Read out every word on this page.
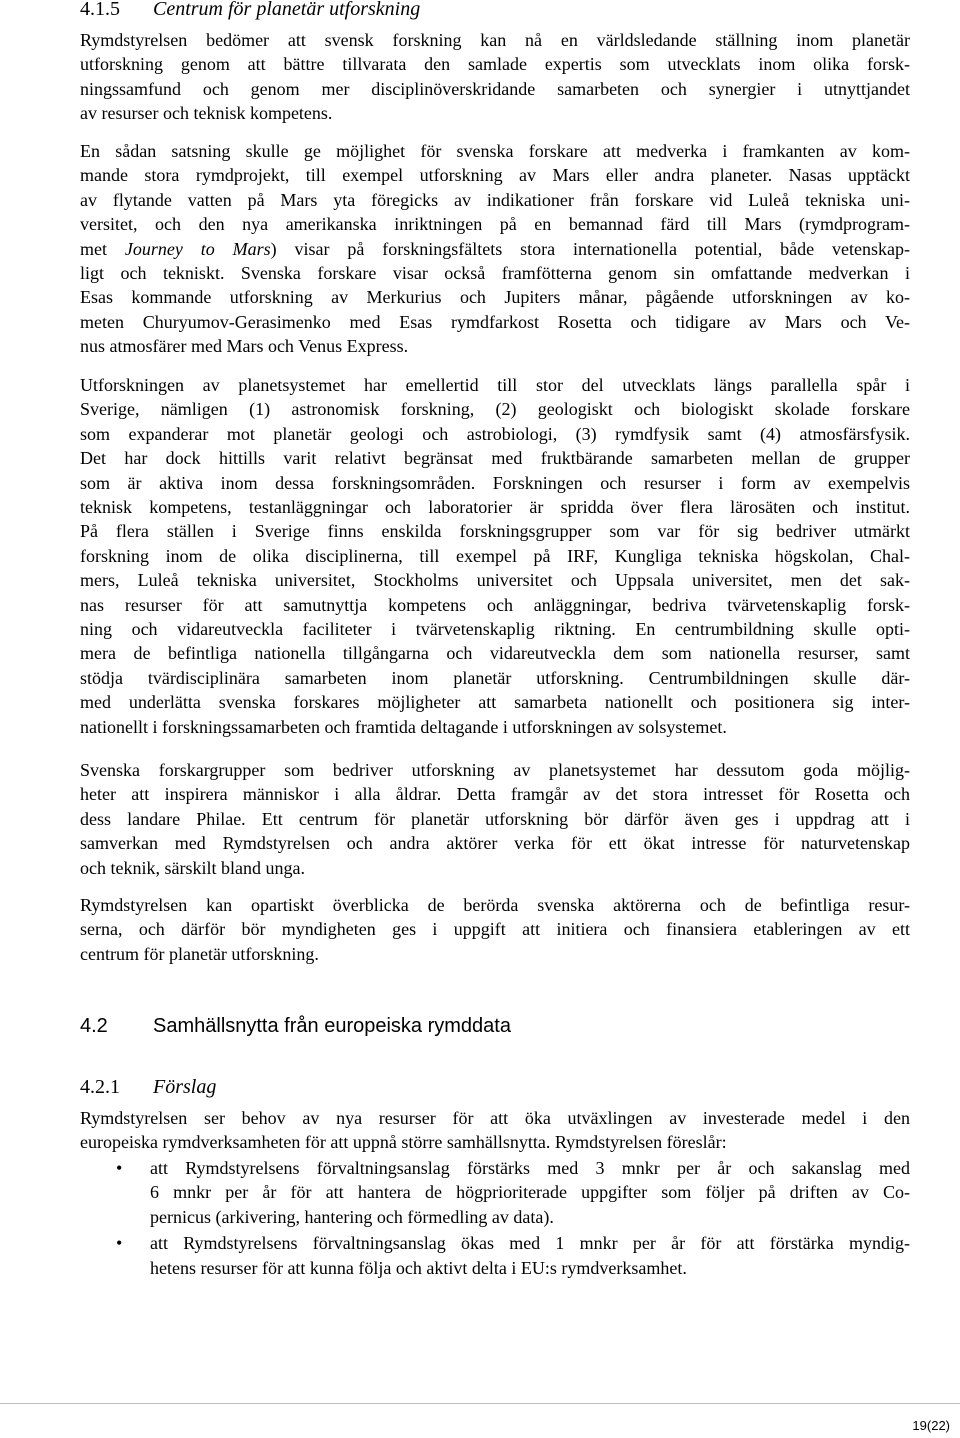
4.1.5 Centrum för planetär utforskning

Rymdstyrelsen bedömer att svensk forskning kan nå en världsledande ställning inom planetär
utforskning genom att bättre tillvarata den samlade expertis som utvecklats inom olika forsk-
ningssamfund och genom mer disciplinöverskridande samarbeten och synergier i utnyttjandet
av resurser och teknisk kompetens.

En sådan satsning skulle ge möjlighet för svenska forskare att medverka i framkanten av kom-
mande stora rymdprojekt, till exempel utforskning av Mars eller andra planeter. Nasas upptäckt
av flytande vatten på Mars yta föregicks av indikationer från forskare vid Luleå tekniska uni-
versitet, och den nya amerikanska inriktningen på en bemannad färd till Mars (rymdprogram-
met Journey to Mars) visar på forskningsfältets stora internationella potential, både vetenskap-
ligt och tekniskt. Svenska forskare visar också framfötterna genom sin omfattande medverkan i
Esas kommande utforskning av Merkurius och Jupiters månar, pågående utforskningen av ko-
meten Churyumov-Gerasimenko med Esas rymdfarkost Rosetta och tidigare av Mars och Ve-
nus atmosfärer med Mars och Venus Express.

Utforskningen av planetsystemet har emellertid till stor del utvecklats längs parallella spår i
Sverige, nämligen (1) astronomisk forskning, (2) geologiskt och biologiskt skolade forskare
som expanderar mot planetär geologi och astrobiologi, (3) rymdfysik samt (4) atmosfärsfysik.
Det har dock hittills varit relativt begränsat med fruktbärande samarbeten mellan de grupper
som är aktiva inom dessa forskningsområden. Forskningen och resurser i form av exempelvis
teknisk kompetens, testanläggningar och laboratorier är spridda över flera lärosäten och institut.
På flera ställen i Sverige finns enskilda forskningsgrupper som var för sig bedriver utmärkt
forskning inom de olika disciplinerna, till exempel på IRF, Kungliga tekniska högskolan, Chal-
mers, Luleå tekniska universitet, Stockholms universitet och Uppsala universitet, men det sak-
nas resurser för att samutnyttja kompetens och anläggningar, bedriva tvärvetenskaplig forsk-
ning och vidareutveckla faciliteter i tvärvetenskaplig riktning. En centrumbildning skulle opti-
mera de befintliga nationella tillgångarna och vidareutveckla dem som nationella resurser, samt
stödja tvärdisciplinära samarbeten inom planetär utforskning. Centrumbildningen skulle där-
med underlätta svenska forskares möjligheter att samarbeta nationellt och positionera sig inter-
nationellt i forskningssamarbeten och framtida deltagande i utforskningen av solsystemet.

Svenska forskargrupper som bedriver utforskning av planetsystemet har dessutom goda möjlig-
heter att inspirera människor i alla åldrar. Detta framgår av det stora intresset för Rosetta och
dess landare Philae. Ett centrum för planetär utforskning bör därför även ges i uppdrag att i
samverkan med Rymdstyrelsen och andra aktörer verka för ett ökat intresse för naturvetenskap
och teknik, särskilt bland unga.

Rymdstyrelsen kan opartiskt överblicka de berörda svenska aktörerna och de befintliga resur-
serna, och därför bör myndigheten ges i uppgift att initiera och finansiera etableringen av ett
centrum för planetär utforskning.

4.2 Samhällsnytta från europeiska rymddata
4.2.1 Förslag

Rymdstyrelsen ser behov av nya resurser för att öka utväxlingen av investerade medel i den
europeiska rymdverksamheten för att uppnå större samhällsnytta. Rymdstyrelsen föreslår:

• att Rymdstyrelsens förvaltningsanslag förstärks med 3 mnkr per år och sakanslag med
6 mnkr per år för att hantera de högprioriterade uppgifter som följer på driften av Co-
pernicus (arkivering, hantering och förmedling av data).
• att Rymdstyrelsens förvaltningsanslag ökas med 1 mnkr per år för att förstärka myndig-
hetens resurser för att kunna följa och aktivt delta i EU:s rymdverksamhet.
19(22)
